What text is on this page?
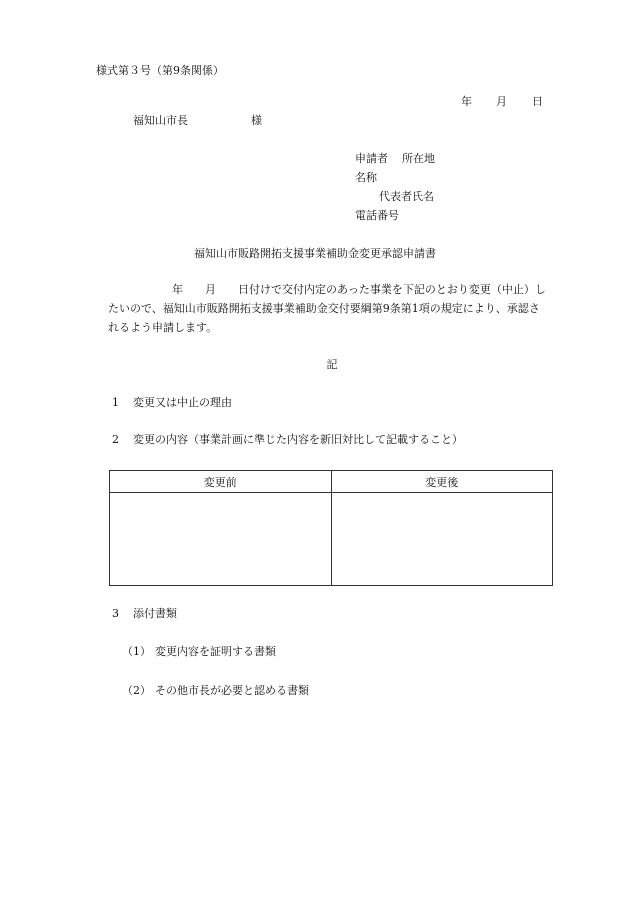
様式第３号（第9条関係）
年 月 日
福知山市長	様
申請者 所在地
名称
代表者氏名
電話番号
福知山市販路開拓支援事業補助金変更承認申請書
年 月 日付けで交付内定のあった事業を下記のとおり変更（中止）し
たいので、福知山市販路開拓支援事業補助金交付要綱第9条第1項の規定により、承認さ
れるよう申請します。
記
1 変更又は中止の理由
2 変更の内容（事業計画に準じた内容を新旧対比して記載すること）
変更前	変更後

3 添付書類
（1） 変更内容を証明する書類
（2） その他市長が必要と認める書類
